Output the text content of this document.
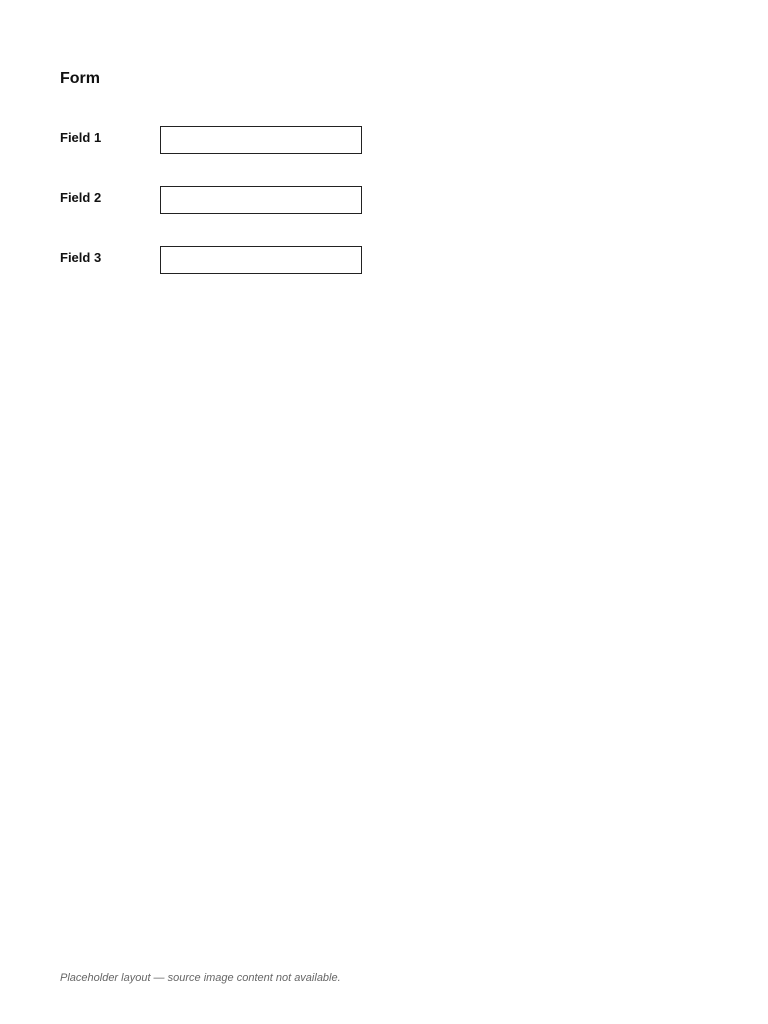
Form
Field 1
Field 2
Field 3
Placeholder layout — source image content not available.
